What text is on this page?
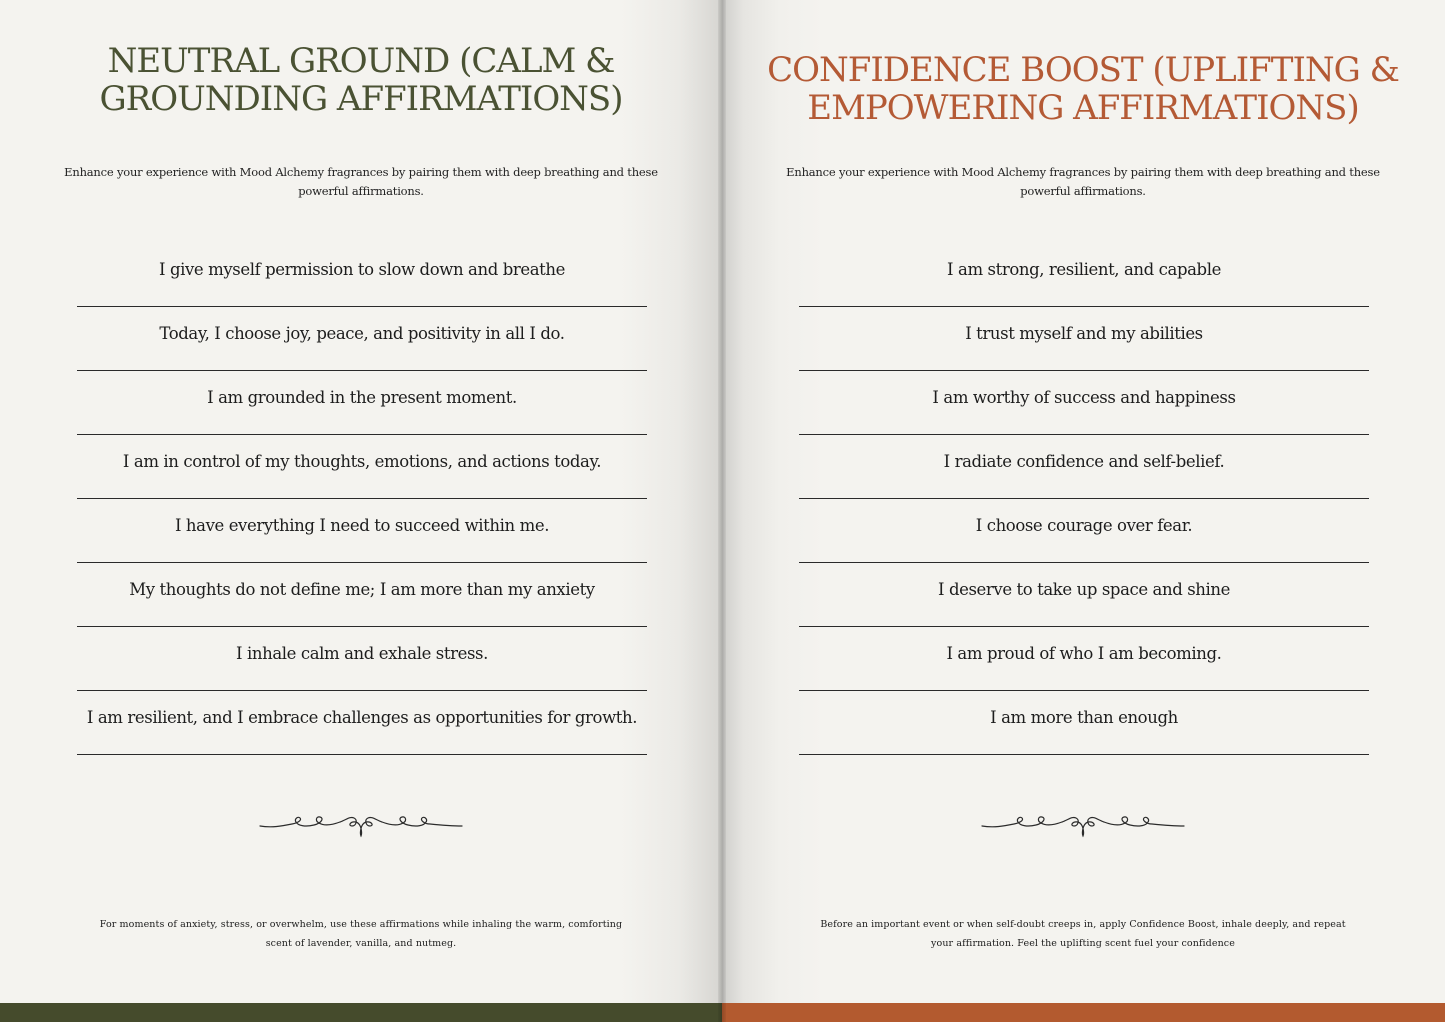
NEUTRAL GROUND (CALM & GROUNDING AFFIRMATIONS)
Enhance your experience with Mood Alchemy fragrances by pairing them with deep breathing and these powerful affirmations.
I give myself permission to slow down and breathe
Today, I choose joy, peace, and positivity in all I do.
I am grounded in the present moment.
I am in control of my thoughts, emotions, and actions today.
I have everything I need to succeed within me.
My thoughts do not define me; I am more than my anxiety
I inhale calm and exhale stress.
I am resilient, and I embrace challenges as opportunities for growth.
For moments of anxiety, stress, or overwhelm, use these affirmations while inhaling the warm, comforting scent of lavender, vanilla, and nutmeg.
CONFIDENCE BOOST (UPLIFTING & EMPOWERING AFFIRMATIONS)
Enhance your experience with Mood Alchemy fragrances by pairing them with deep breathing and these powerful affirmations.
I am strong, resilient, and capable
I trust myself and my abilities
I am worthy of success and happiness
I radiate confidence and self-belief.
I choose courage over fear.
I deserve to take up space and shine
I am proud of who I am becoming.
I am more than enough
Before an important event or when self-doubt creeps in, apply Confidence Boost, inhale deeply, and repeat your affirmation. Feel the uplifting scent fuel your confidence
